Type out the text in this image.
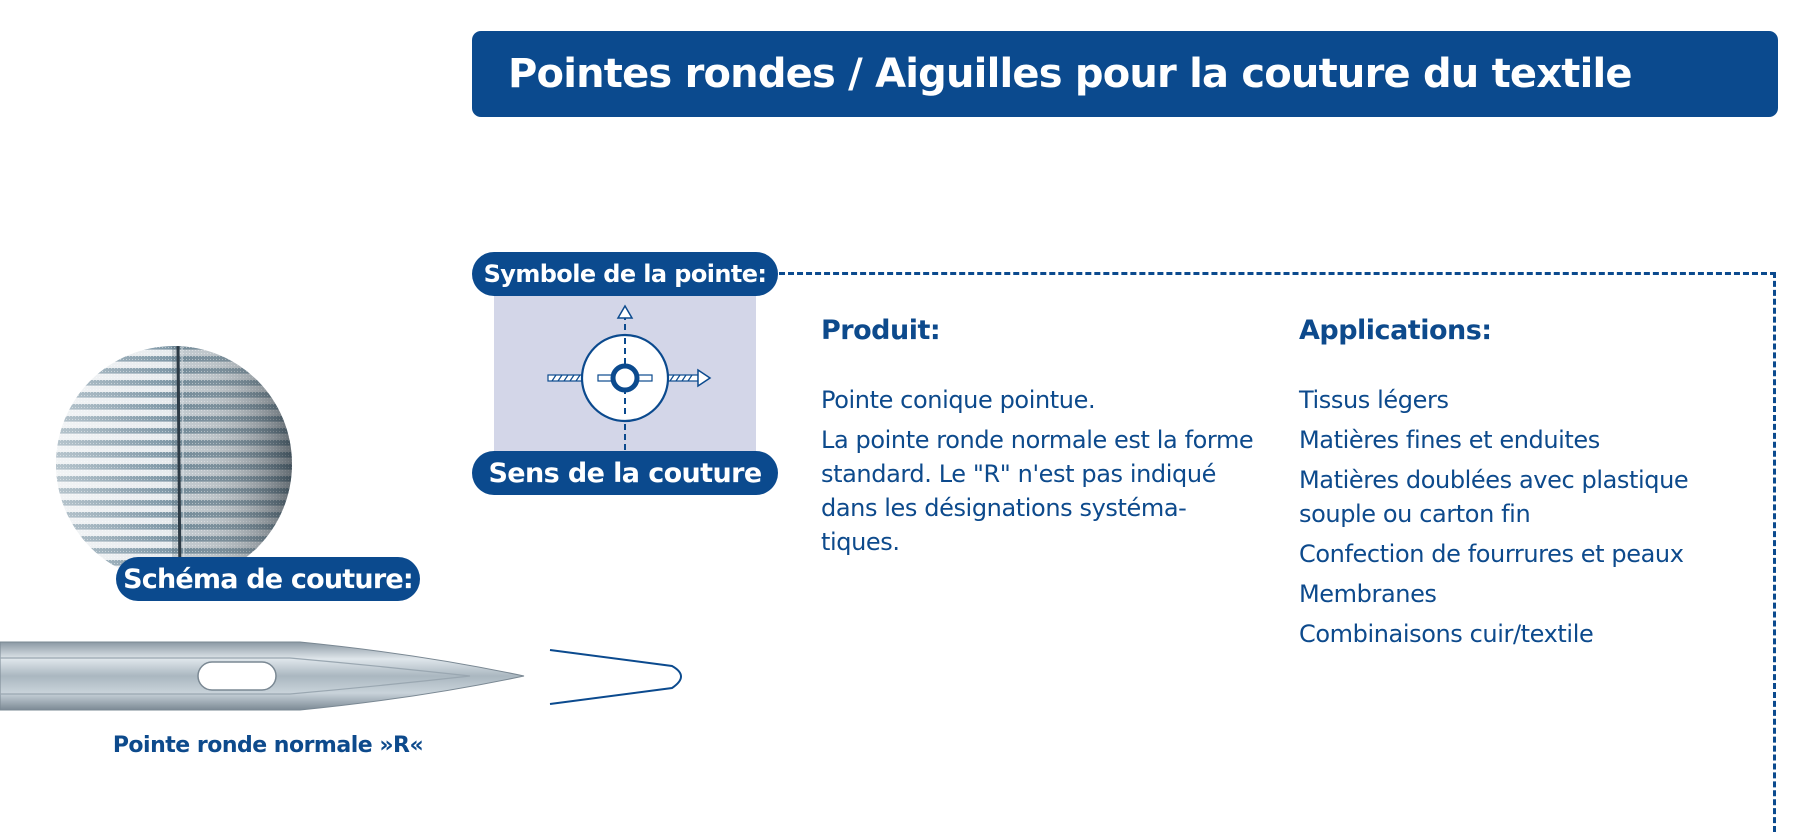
Pointes rondes / Aiguilles pour la couture du textile
Symbole de la pointe:
Sens de la couture
Produit:

Pointe conique pointue.

La pointe ronde normale est la forme standard. Le "R" n'est pas indiqué dans les désignations systéma-tiques.

Applications:
Tissus légers
Matières fines et enduites
Matières doublées avec plastique souple ou carton fin
Confection de fourrures et peaux
Membranes
Combinaisons cuir/textile
Schéma de couture:
Pointe ronde normale »R«
